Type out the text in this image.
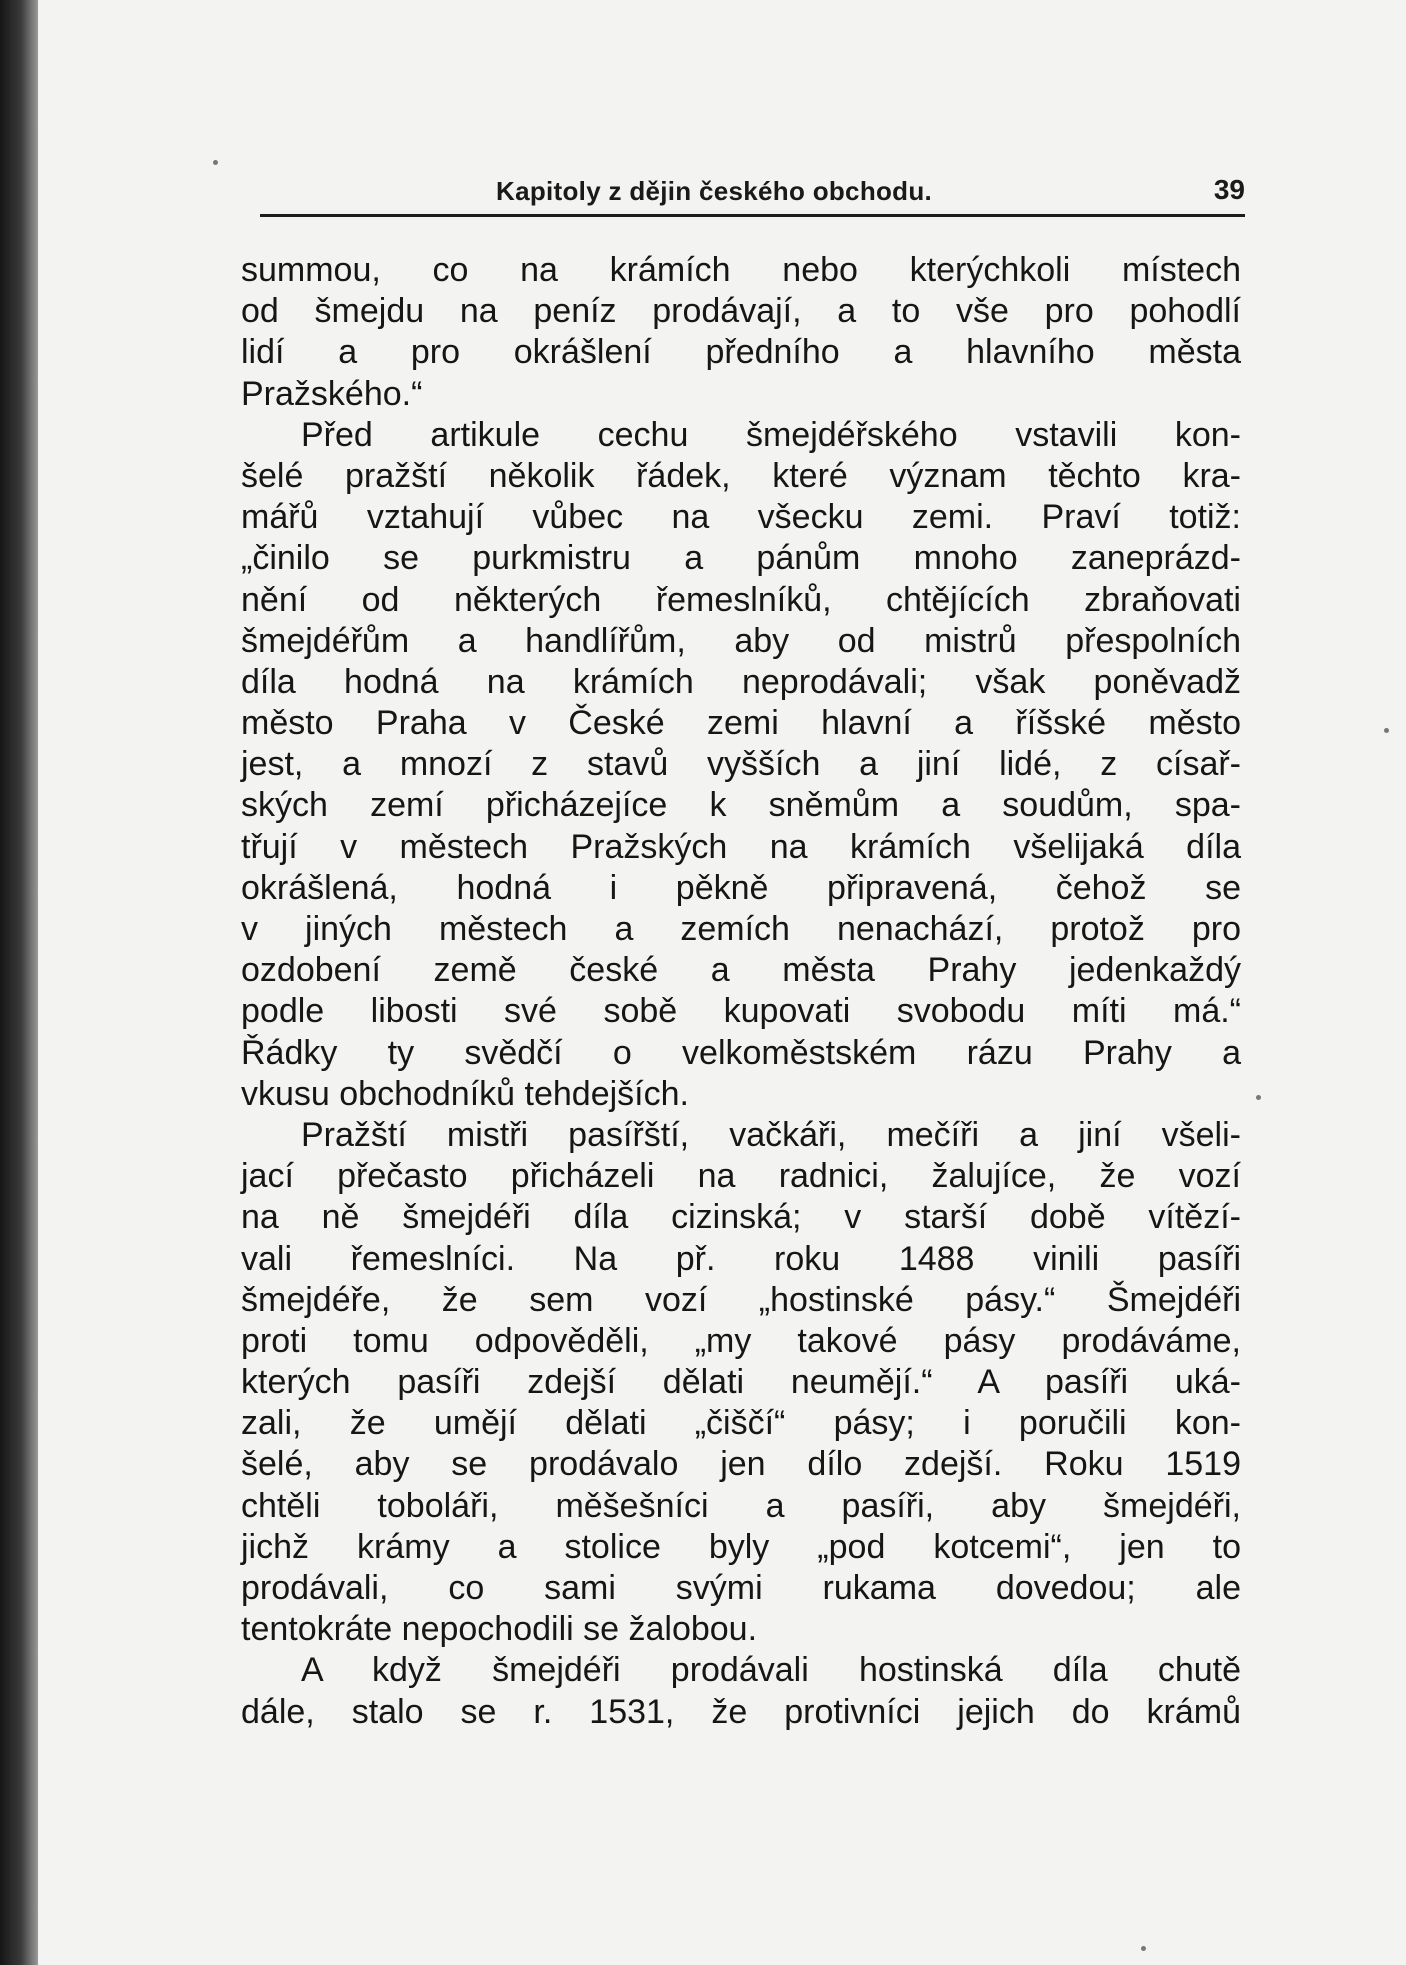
Kapitoly z dějin českého obchodu.	39
summou, co na krámích nebo kterýchkoli místech
od šmejdu na peníz prodávají, a to vše pro pohodlí
lidí a pro okrášlení předního a hlavního města
Pražského.“
Před artikule cechu šmejdéřského vstavili kon-
šelé pražští několik řádek, které význam těchto kra-
mářů vztahují vůbec na všecku zemi. Praví totiž:
„činilo se purkmistru a pánům mnoho zaneprázd-
nění od některých řemeslníků, chtějících zbraňovati
šmejdéřům a handlířům, aby od mistrů přespolních
díla hodná na krámích neprodávali; však poněvadž
město Praha v České zemi hlavní a říšské město
jest, a mnozí z stavů vyšších a jiní lidé, z císař-
ských zemí přicházejíce k sněmům a soudům, spa-
třují v městech Pražských na krámích všelijaká díla
okrášlená, hodná i pěkně připravená, čehož se
v jiných městech a zemích nenachází, protož pro
ozdobení země české a města Prahy jedenkaždý
podle libosti své sobě kupovati svobodu míti má.“
Řádky ty svědčí o velkoměstském rázu Prahy a
vkusu obchodníků tehdejších.
Pražští mistři pasířští, vačkáři, mečíři a jiní všeli-
jací přečasto přicházeli na radnici, žalujíce, že vozí
na ně šmejdéři díla cizinská; v starší době vítězí-
vali řemeslníci. Na př. roku 1488 vinili pasíři
šmejdéře, že sem vozí „hostinské pásy.“ Šmejdéři
proti tomu odpověděli, „my takové pásy prodáváme,
kterých pasíři zdejší dělati neumějí.“ A pasíři uká-
zali, že umějí dělati „čiščí“ pásy; i poručili kon-
šelé, aby se prodávalo jen dílo zdejší. Roku 1519
chtěli toboláři, měšešníci a pasíři, aby šmejdéři,
jichž krámy a stolice byly „pod kotcemi“, jen to
prodávali, co sami svými rukama dovedou; ale
tentokráte nepochodili se žalobou.
A když šmejdéři prodávali hostinská díla chutě
dále, stalo se r. 1531, že protivníci jejich do krámů
